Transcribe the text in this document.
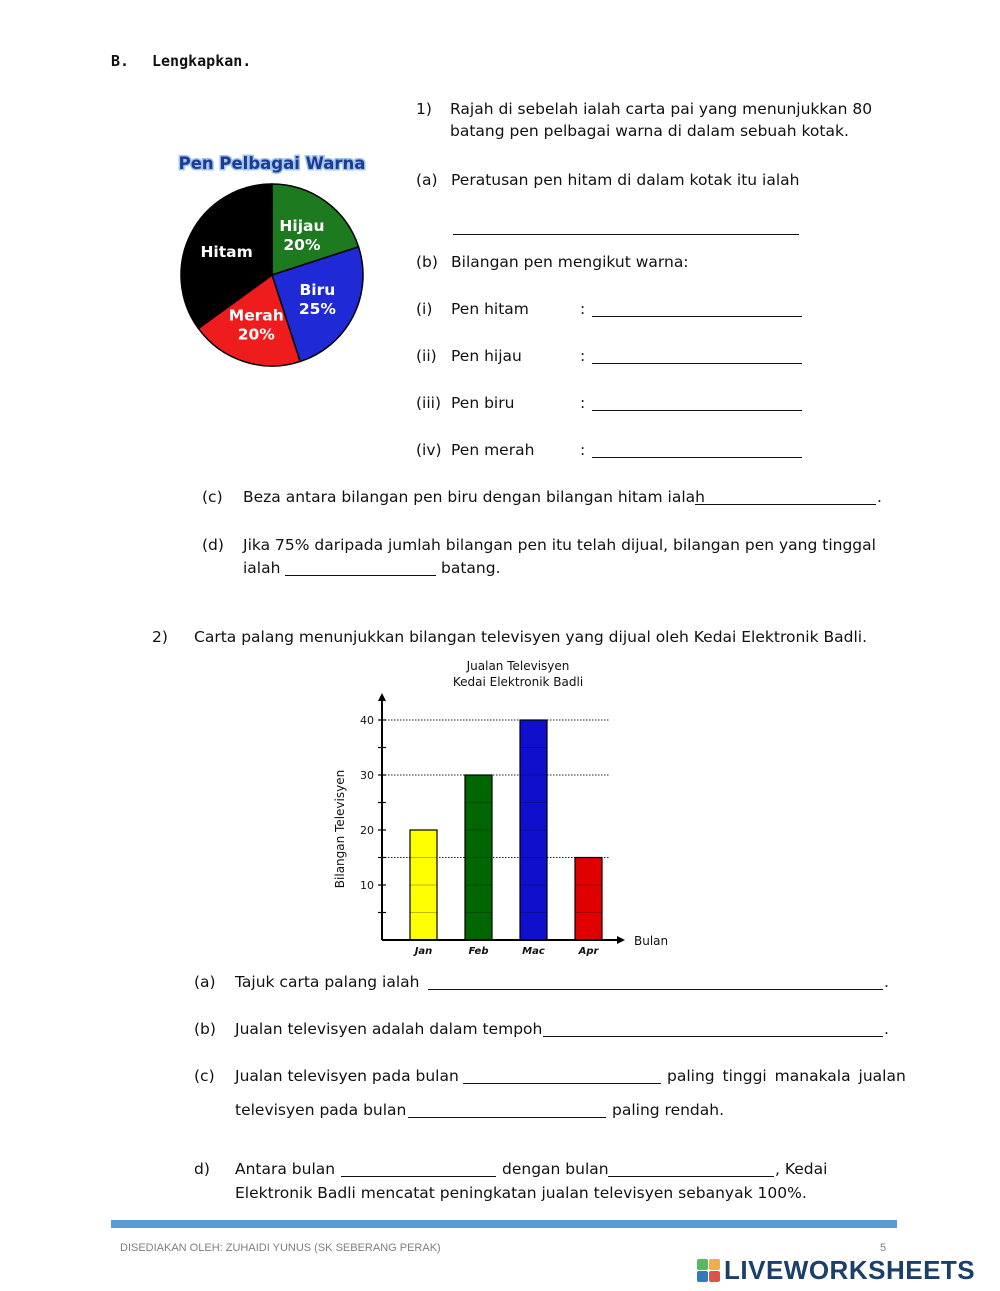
B. Lengkapkan.
1) Rajah di sebelah ialah carta pai yang menunjukkan 80
batang pen pelbagai warna di dalam sebuah kotak.
(a) Peratusan pen hitam di dalam kotak itu ialah
(b) Bilangan pen mengikut warna:
(i) Pen hitam	:
(ii) Pen hijau	:
(iii) Pen biru	:
(iv) Pen merah	:
(c) Beza antara bilangan pen biru dengan bilangan hitam ialah	.
(d) Jika 75% daripada jumlah bilangan pen itu telah dijual, bilangan pen yang tinggal
ialah	batang.
Pen Pelbagai Warna
Hijau
20%
Biru
25%
Merah
20%
Hitam
2) Carta palang menunjukkan bilangan televisyen yang dijual oleh Kedai Elektronik Badli.
Jualan Televisyen
Kedai Elektronik Badli
Bilangan Televisyen 10
20
30
40
Jan	Feb	Mac	Apr
Bulan
(a) Tajuk carta palang ialah	.
(b) Jualan televisyen adalah dalam tempoh	.
(c) Jualan televisyen pada bulan	paling tinggi manakala jualan
televisyen pada bulan	paling rendah.
d) Antara bulan	dengan bulan	, Kedai
Elektronik Badli mencatat peningkatan jualan televisyen sebanyak 100%.
DISEDIAKAN OLEH: ZUHAIDI YUNUS (SK SEBERANG PERAK)	5
LIVEWORKSHEETS
